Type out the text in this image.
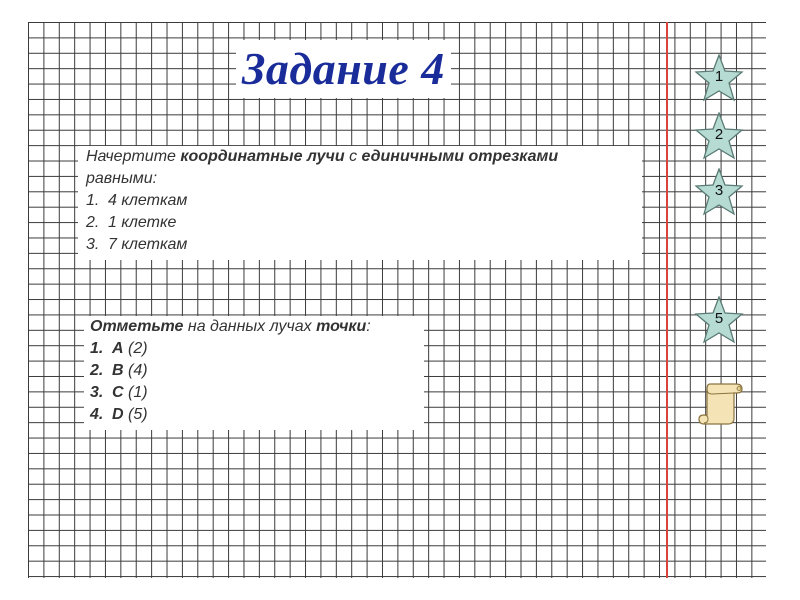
Задание 4
Начертите координатные лучи с единичными отрезками
равными:
1. 4 клеткам
2. 1 клетке
3. 7 клеткам
Отметьте на данных лучах точки:
1. A (2)
2. B (4)
3. C (1)
4. D (5)
1
2
3
5
